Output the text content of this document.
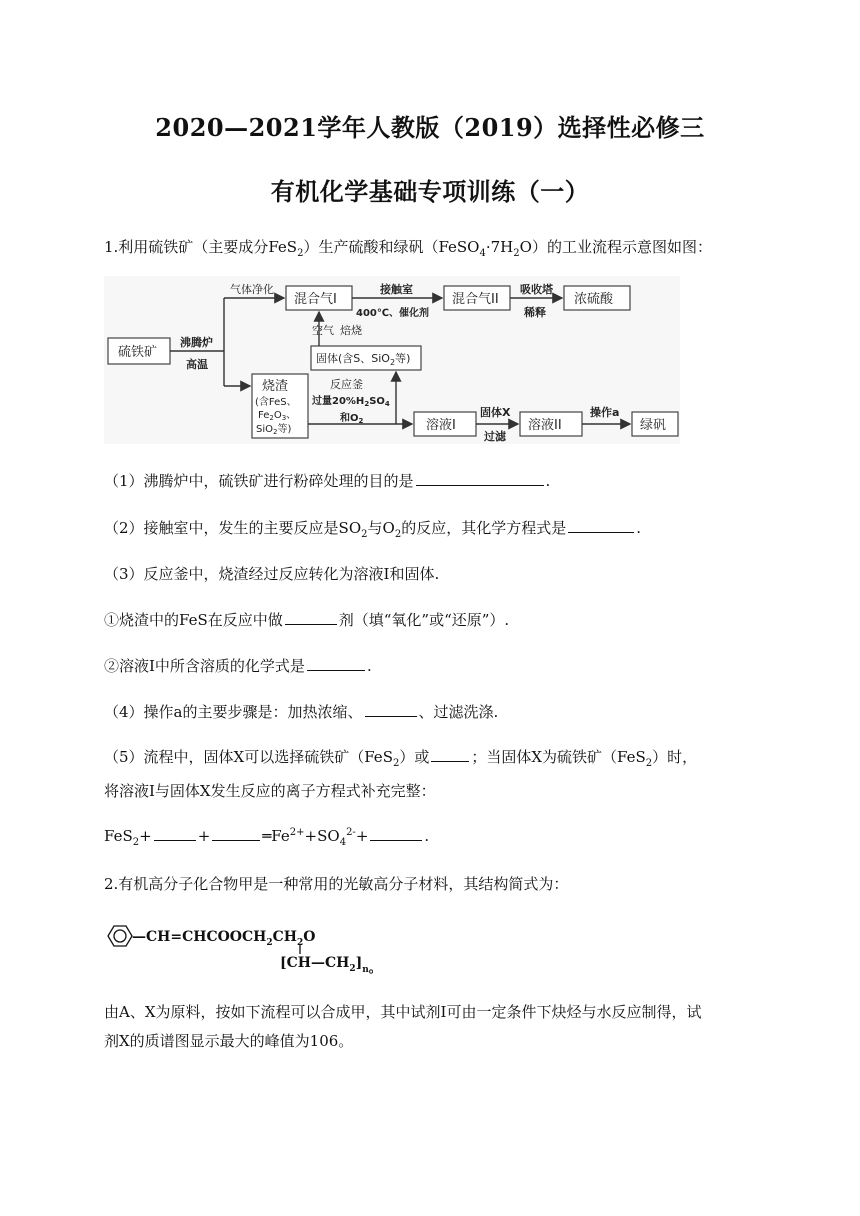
2020—2021学年人教版（2019）选择性必修三
有机化学基础专项训练（一）
1.利用硫铁矿（主要成分FeS$_2$）生产硫酸和绿矾$(FeSO_4\cdot 7H_2O)$的工业流程示意图如图：
硫铁矿
沸腾炉
高温
气体净化
混合气I
接触室
400℃、催化剂
混合气II
吸收塔
稀释
浓硫酸
空气 焙烧
固体(含S、SiO$_2$等)
烧渣
(含FeS、
$Fe_2O_3$、
SiO$_2$等)
反应釜
过量$20\%H_2SO_4$
和$O_2$	溶液I
固体X
过滤
溶液II
操作a
绿矾
（1）沸腾炉中，硫铁矿进行粉碎处理的目的是	.
（2）接触室中，发生的主要反应是$SO_2$与$O_2$的反应，其化学方程式是	.
（3）反应釜中，烧渣经过反应转化为溶液I和固体.
①烧渣中的FeS在反应中做	剂（填“氧化”或“还原”）.
②溶液I中所含溶质的化学式是	.
（4）操作a的主要步骤是：加热浓缩、	、过滤洗涤.
（5）流程中，固体X可以选择硫铁矿（FeS$_2$）或	；当固体X为硫铁矿（FeS$_2$）时，
将溶液I与固体X发生反应的离子方程式补充完整：
FeS$_2$+	+	$═Fe^{2+}+SO_4^{2-}+$	.
2.有机高分子化合物甲是一种常用的光敏高分子材料，其结构简式为：
$—CH=CHCOOCH_2CH_2O$
$[CH—CH_2]_n$。
由A、X为原料，按如下流程可以合成甲，其中试剂I可由一定条件下炔烃与水反应制得，试
剂X的质谱图显示最大的峰值为106。
